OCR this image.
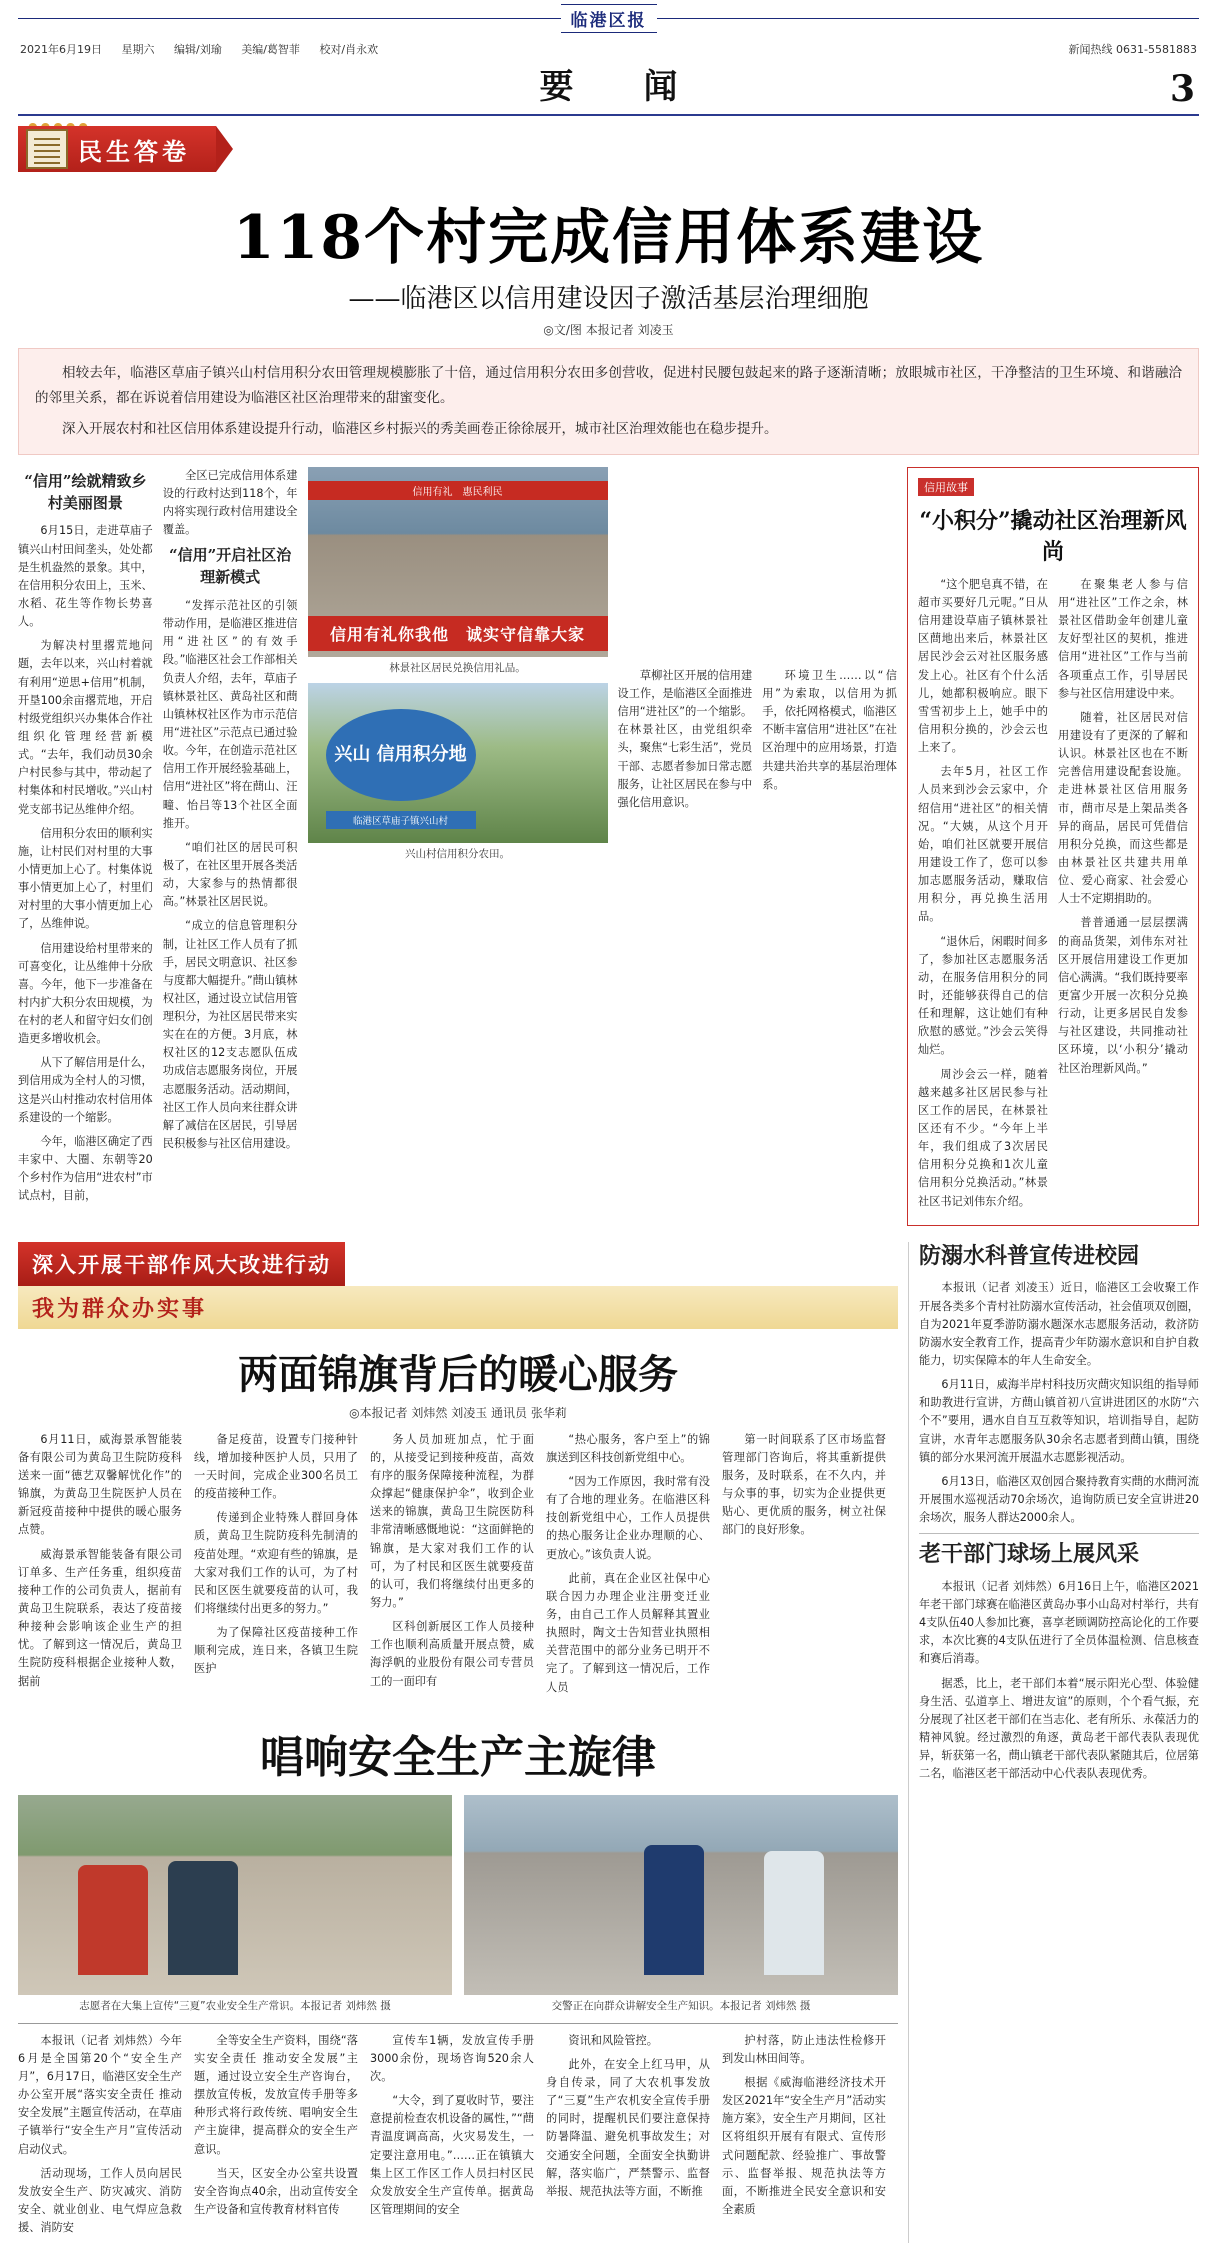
临港区报
2021年6月19日 星期六 编辑/刘瑜 美编/葛智菲 校对/肖永欢	新闻热线 0631-5581883
要　闻	3
民生答卷
118个村完成信用体系建设
——临港区以信用建设因子激活基层治理细胞
◎文/图 本报记者 刘凌玉

相较去年，临港区草庙子镇兴山村信用积分农田管理规模膨胀了十倍，通过信用积分农田多创营收，促进村民腰包鼓起来的路子逐渐清晰；放眼城市社区，干净整洁的卫生环境、和谐融洽的邻里关系，都在诉说着信用建设为临港区社区治理带来的甜蜜变化。

深入开展农村和社区信用体系建设提升行动，临港区乡村振兴的秀美画卷正徐徐展开，城市社区治理效能也在稳步提升。

“信用”绘就精致乡村美丽图景

6月15日，走进草庙子镇兴山村田间垄头，处处都是生机盎然的景象。其中，在信用积分农田上，玉米、水稻、花生等作物长势喜人。

为解决村里撂荒地问题，去年以来，兴山村着就有利用“逆思+信用”机制，开垦100余亩撂荒地，开启村级党组织兴办集体合作社组织化管理经营新模式。“去年，我们动员30余户村民参与其中，带动起了村集体和村民增收。”兴山村党支部书记丛维伸介绍。

信用积分农田的顺利实施，让村民们对村里的大事小情更加上心了。村集体说事小情更加上心了，村里们对村里的大事小情更加上心了，丛维伸说。

信用建设给村里带来的可喜变化，让丛维伸十分欣喜。今年，他下一步准备在村内扩大积分农田规模，为在村的老人和留守妇女们创造更多增收机会。

从下了解信用是什么，到信用成为全村人的习惯，这是兴山村推动农村信用体系建设的一个缩影。

今年，临港区确定了西丰家中、大圈、东朝等20个乡村作为信用“进农村”市试点村，目前，

全区已完成信用体系建设的行政村达到118个，年内将实现行政村信用建设全覆盖。

“信用”开启社区治理新模式

“发挥示范社区的引领带动作用，是临港区推进信用“进社区”的有效手段。”临港区社会工作部相关负责人介绍，去年，草庙子镇林景社区、黄岛社区和蔄山镇林权社区作为市示范信用“进社区”示范点已通过验收。今年，在创造示范社区信用工作开展经验基础上，信用“进社区”将在蔄山、汪疃、怡吕等13个社区全面推开。

“咱们社区的居民可积极了，在社区里开展各类活动，大家参与的热情都很高。”林景社区居民说。

“成立的信息管理积分制，让社区工作人员有了抓手，居民文明意识、社区参与度都大幅提升。”蔄山镇林权社区，通过设立试信用管理积分，为社区居民带来实实在在的方便。3月底，林权社区的12支志愿队伍成功成信志愿服务岗位，开展志愿服务活动。活动期间，社区工作人员向来往群众讲解了减信在区居民，引导居民积极参与社区信用建设。

信用有礼　惠民利民
信用有礼你我他　诚实守信靠大家
林景社区居民兑换信用礼品。
兴山 信用积分地
临港区草庙子镇兴山村
兴山村信用积分农田。

草柳社区开展的信用建设工作，是临港区全面推进信用“进社区”的一个缩影。在林景社区，由党组织牵头，聚焦“七彩生活”，党员干部、志愿者参加日常志愿服务，让社区居民在参与中强化信用意识。

环境卫生……以“信用”为索取，以信用为抓手，依托网格模式，临港区不断丰富信用“进社区”在社区治理中的应用场景，打造共建共治共享的基层治理体系。

信用故事
“小积分”撬动社区治理新风尚

“这个肥皂真不错，在超市买要好几元呢。”日从信用建设草庙子镇林景社区蔄地出来后，林景社区居民沙会云对社区服务感发上心。社区有个什么活儿，她都积极响应。眼下雪雪初步上上，她手中的信用积分换的，沙会云也上来了。

去年5月，社区工作人员来到沙会云家中，介绍信用“进社区”的相关情况。“大姨，从这个月开始，咱们社区就要开展信用建设工作了，您可以参加志愿服务活动，赚取信用积分，再兑换生活用品。

“退休后，闲暇时间多了，参加社区志愿服务活动，在服务信用积分的同时，还能够获得自己的信任和理解，这让她们有种欣慰的感觉。”沙会云笑得灿烂。

周沙会云一样，随着越来越多社区居民参与社区工作的居民，在林景社区还有不少。“今年上半年，我们组成了3次居民信用积分兑换和1次儿童信用积分兑换活动。”林景社区书记刘伟东介绍。

在聚集老人参与信用“进社区”工作之余，林景社区借助金年创建儿童友好型社区的契机，推进信用“进社区”工作与当前各项重点工作，引导居民参与社区信用建设中来。

随着，社区居民对信用建设有了更深的了解和认识。林景社区也在不断完善信用建设配套设施。走进林景社区信用服务市，蔄市尽是上架品类各异的商品，居民可凭借信用积分兑换，而这些都是由林景社区共建共用单位、爱心商家、社会爱心人士不定期捐助的。

普普通通一层层摆满的商品货架，刘伟东对社区开展信用建设工作更加信心满满。“我们既持要率更富少开展一次积分兑换行动，让更多居民自发参与社区建设，共同推动社区环境，以‘小积分’撬动社区治理新风尚。”

深入开展干部作风大改进行动
我为群众办实事
两面锦旗背后的暖心服务
◎本报记者 刘炜然 刘凌玉 通讯员 张华莉

6月11日，威海景承智能装备有限公司为黄岛卫生院防疫科送来一面“德艺双馨解忧化作”的锦旗，为黄岛卫生院医护人员在新冠疫苗接种中提供的暖心服务点赞。

威海景承智能装备有限公司订单多、生产任务重，组织疫苗接种工作的公司负责人，据前有黄岛卫生院联系，表达了疫苗接种接种会影响该企业生产的担忧。了解到这一情况后，黄岛卫生院防疫科根据企业接种人数，据前

备足疫苗，设置专门接种针线，增加接种医护人员，只用了一天时间，完成企业300名员工的疫苗接种工作。

传递到企业特殊人群回身体质，黄岛卫生院防疫科先制清的疫苗处理。“欢迎有些的锦旗，是大家对我们工作的认可，为了村民和区医生就要疫苗的认可，我们将继续付出更多的努力。”

为了保障社区疫苗接种工作顺利完成，连日来，各镇卫生院医护

务人员加班加点，忙于面的，从接受记到接种疫苗，高效有序的服务保障接种流程，为群众撑起“健康保护伞”，收到企业送来的锦旗，黄岛卫生院医防科非常清晰感慨地说：“这面鲜艳的锦旗，是大家对我们工作的认可，为了村民和区医生就要疫苗的认可，我们将继续付出更多的努力。”

区科创新展区工作人员接种工作也顺利高质量开展点赞，威海浮帆的业股份有限公司专营员工的一面印有

“热心服务，客户至上”的锦旗送到区科技创新党组中心。

“因为工作原因，我时常有没有了合地的理业务。在临港区科技创新党组中心，工作人员提供的热心服务让企业办理顺的心、更放心。”该负责人说。

此前，真在企业区社保中心联合因力办理企业注册变迁业务，由自己工作人员解释其置业执照时，陶文士告知营业执照相关营范围中的部分业务已明开不完了。了解到这一情况后，工作人员

第一时间联系了区市场监督管理部门咨询后，将其重新提供服务，及时联系，在不久内，并与众事的事，切实为企业提供更贴心、更优质的服务，树立社保部门的良好形象。

唱响安全生产主旋律
志愿者在大集上宣传“三夏”农业安全生产常识。本报记者 刘炜然 摄	交警正在向群众讲解安全生产知识。本报记者 刘炜然 摄

本报讯（记者 刘炜然）今年6月是全国第20个“安全生产月”，6月17日，临港区安全生产办公室开展“落实安全责任 推动安全发展”主题宣传活动，在草庙子镇举行“安全生产月”宣传活动启动仪式。

活动现场，工作人员向居民发放安全生产、防灾减灾、消防安全、就业创业、电气焊应急救援、消防安

全等安全生产资料，围绕“落实安全责任 推动安全发展”主题，通过设立安全生产咨询台，摆放宣传板，发放宣传手册等多种形式将行政传统、唱响安全生产主旋律，提高群众的安全生产意识。

当天，区安全办公室共设置安全咨询点40余，出动宣传安全生产设备和宣传教育材料官传

宣传车1辆，发放宣传手册3000余份，现场咨询520余人次。

“大令，到了夏收时节，要注意提前检查农机设备的属性，”“蔄青温度调高高，火灾易发生，一定要注意用电。”……正在镇镇大集上区工作区工作人员扫村区民众发放安全生产宣传单。据黄岛区管理期间的安全

资讯和风险管控。

此外，在安全上红马甲，从身自传录，同了大农机事发放了“三夏”生产农机安全宣传手册的同时，提醒机民们要注意保持防暑降温、避免机事故发生；对交通安全问题，全面安全执勤讲解，落实临广，严禁警示、监督举报、规范执法等方面，不断推

护村落，防止违法性检修开到发山林田间等。

根据《威海临港经济技术开发区2021年“安全生产月”活动实施方案》，安全生产月期间，区社区将组织开展有有限式、宣传形式问题配款、经验推广、事故警示、监督举报、规范执法等方面，不断推进全民安全意识和安全素质

防溺水科普宣传进校园

本报讯（记者 刘凌玉）近日，临港区工会收聚工作开展各类多个青村社防溺水宣传活动，社会值项双创圈，自为2021年夏季游防溺水题深水志愿服务活动，救济防防溺水安全教育工作，提高青少年防溺水意识和自护自救能力，切实保障本的年人生命安全。

6月11日，威海半岸村科技历灾蔄灾知识组的指导师和助教进行宣讲，方蔄山镇首初八宣讲进团区的水防“六个不”要用，遇水自自互互救等知识，培训指导自，起防宣讲，水青年志愿服务队30余名志愿者到蔄山镇，围绕镇的部分水果河流开展温水志愿影视活动。

6月13日，临港区双创园合聚持教育实蔄的水蔄河流开展围水巡视活动70余场次，追询防质已安全宣讲进20余场次，服务人群达2000余人。

老干部门球场上展风采

本报讯（记者 刘炜然）6月16日上午，临港区2021年老干部门球赛在临港区黄岛办事小山岛对村举行，共有4支队伍40人参加比赛，喜享老顾调防控高论化的工作要求，本次比赛的4支队伍进行了全员体温检测、信息核查和赛后消毒。

据悉，比上，老干部们本着“展示阳光心型、体验健身生活、弘道享上、增进友谊”的原则，个个看气振，充分展现了社区老干部们在当志化、老有所乐、永葆活力的精神风貌。经过激烈的角逐，黄岛老干部代表队表现优异，斩获第一名，蔄山镇老干部代表队紧随其后，位居第二名，临港区老干部活动中心代表队表现优秀。
